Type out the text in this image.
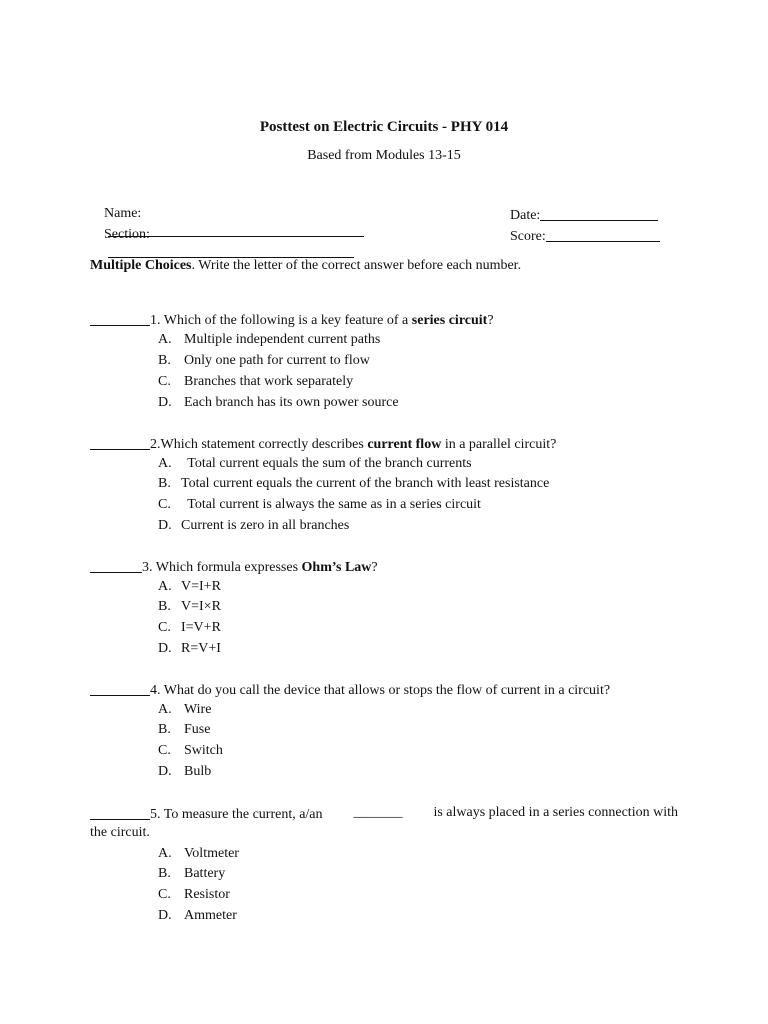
Posttest on Electric Circuits - PHY 014
Based from Modules 13-15

Name:

	Date:

Section:

	Score:

Multiple Choices. Write the letter of the correct answer before each number.
1. Which of the following is a key feature of a series circuit?
A. Multiple independent current paths
B. Only one path for current to flow
C. Branches that work separately
D. Each branch has its own power source
2.Which statement correctly describes current flow in a parallel circuit?
A. Total current equals the sum of the branch currents
B. Total current equals the current of the branch with least resistance
C. Total current is always the same as in a series circuit
D. Current is zero in all branches
3. Which formula expresses Ohm’s Law?
A. V=I+R
B. V=I×R
C. I=V+R
D. R=V+I
4. What do you call the device that allows or stops the flow of current in a circuit?
A. Wire
B. Fuse
C. Switch
D. Bulb
5. To measure the current, a/an _______ is always placed in a series connection with
the circuit.
A. Voltmeter
B. Battery
C. Resistor
D. Ammeter
